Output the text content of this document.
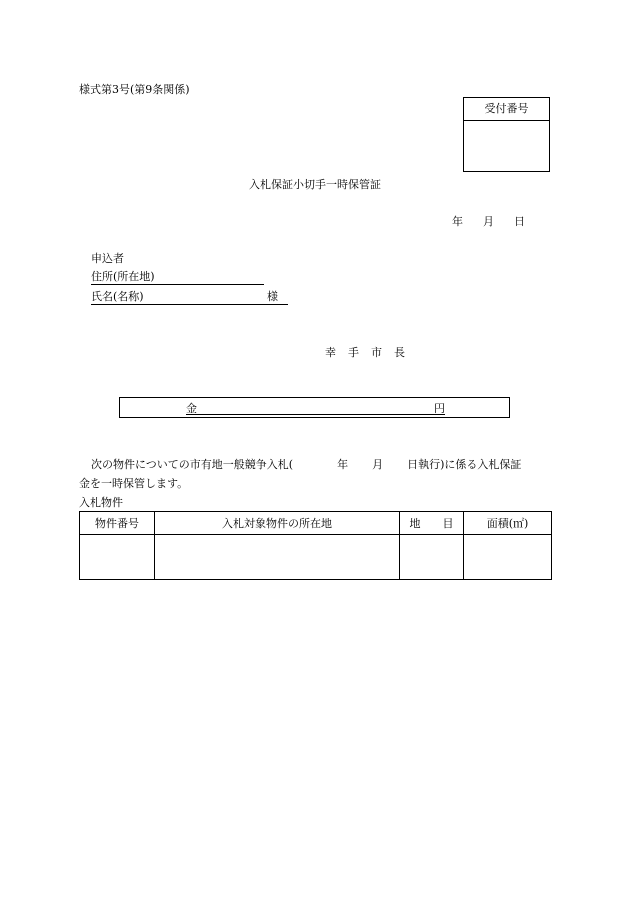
様式第3号(第9条関係)
受付番号
入札保証小切手一時保管証
年 月 日
申込者
住所(所在地)
氏名(名称)	様
幸 手 市 長
金	円
次の物件についての市有地一般競争入札(	年 月 日執行)に係る入札保証
金を一時保管します。
入札物件
物件番号	入札対象物件の所在地	地　　目	面積(㎡)
